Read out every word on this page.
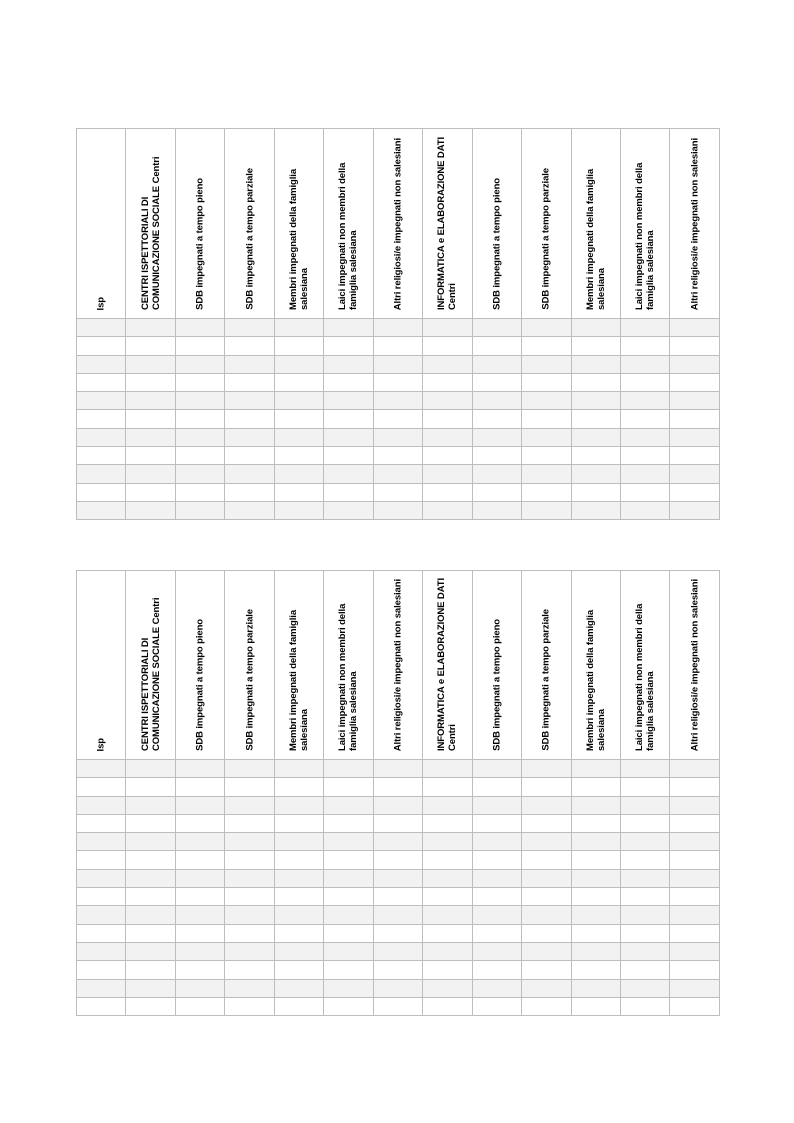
Isp	CENTRI ISPETTORIALI DI COMUNICAZIONE SOCIALE Centri	SDB impegnati a tempo pieno	SDB impegnati a tempo parziale	Membri impegnati della famiglia salesiana	Laici impegnati non membri della famiglia salesiana	Altri religiosi/e impegnati non salesiani	INFORMATICA e ELABORAZIONE DATI Centri	SDB impegnati a tempo pieno	SDB impegnati a tempo parziale	Membri impegnati della famiglia salesiana	Laici impegnati non membri della famiglia salesiana	Altri religiosi/e impegnati non salesiani

Isp	CENTRI ISPETTORIALI DI COMUNICAZIONE SOCIALE Centri	SDB impegnati a tempo pieno	SDB impegnati a tempo parziale	Membri impegnati della famiglia salesiana	Laici impegnati non membri della famiglia salesiana	Altri religiosi/e impegnati non salesiani	INFORMATICA e ELABORAZIONE DATI Centri	SDB impegnati a tempo pieno	SDB impegnati a tempo parziale	Membri impegnati della famiglia salesiana	Laici impegnati non membri della famiglia salesiana	Altri religiosi/e impegnati non salesiani
